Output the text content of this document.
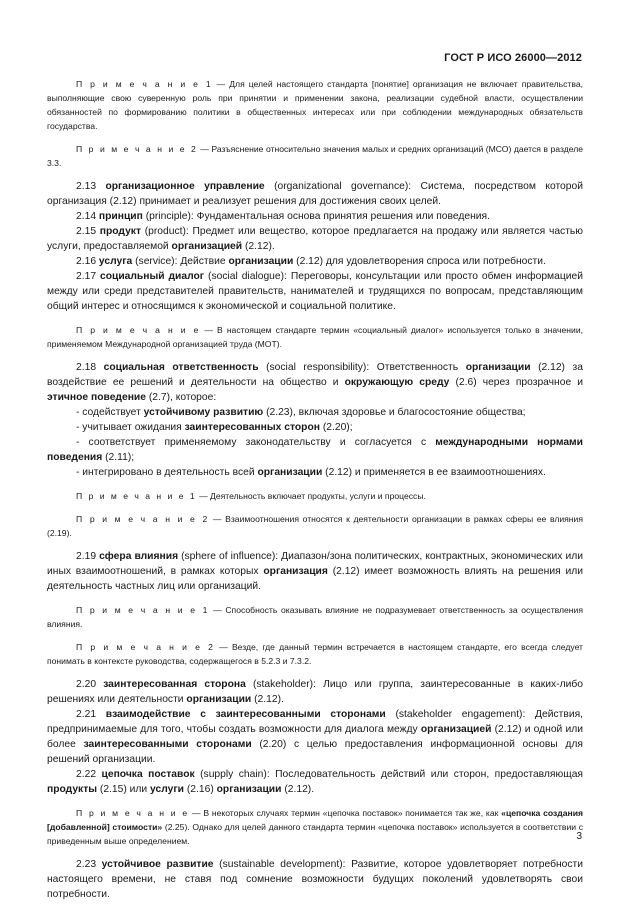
ГОСТ Р ИСО 26000—2012

П р и м е ч а н и е 1 — Для целей настоящего стандарта [понятие] организация не включает правительства, выполняющие свою суверенную роль при принятии и применении закона, реализации судебной власти, осуществлении обязанностей по формированию политики в общественных интересах или при соблюдении международных обязательств государства.

П р и м е ч а н и е 2 — Разъяснение относительно значения малых и средних организаций (МСО) дается в разделе 3.3.

2.13 организационное управление (organizational governance): Система, посредством которой организация (2.12) принимает и реализует решения для достижения своих целей.

2.14 принцип (principle): Фундаментальная основа принятия решения или поведения.

2.15 продукт (product): Предмет или вещество, которое предлагается на продажу или является частью услуги, предоставляемой организацией (2.12).

2.16 услуга (service): Действие организации (2.12) для удовлетворения спроса или потребности.

2.17 социальный диалог (social dialogue): Переговоры, консультации или просто обмен информацией между или среди представителей правительств, нанимателей и трудящихся по вопросам, представляющим общий интерес и относящимся к экономической и социальной политике.

П р и м е ч а н и е — В настоящем стандарте термин «социальный диалог» используется только в значении, применяемом Международной организацией труда (МОТ).

2.18 социальная ответственность (social responsibility): Ответственность организации (2.12) за воздействие ее решений и деятельности на общество и окружающую среду (2.6) через прозрачное и этичное поведение (2.7), которое:

- содействует устойчивому развитию (2.23), включая здоровье и благосостояние общества;

- учитывает ожидания заинтересованных сторон (2.20);

- соответствует применяемому законодательству и согласуется с международными нормами поведения (2.11);

- интегрировано в деятельность всей организации (2.12) и применяется в ее взаимоотношениях.

П р и м е ч а н и е 1 — Деятельность включает продукты, услуги и процессы.

П р и м е ч а н и е 2 — Взаимоотношения относятся к деятельности организации в рамках сферы ее влияния (2.19).

2.19 сфера влияния (sphere of influence): Диапазон/зона политических, контрактных, экономических или иных взаимоотношений, в рамках которых организация (2.12) имеет возможность влиять на решения или деятельность частных лиц или организаций.

П р и м е ч а н и е 1 — Способность оказывать влияние не подразумевает ответственность за осуществления влияния.

П р и м е ч а н и е 2 — Везде, где данный термин встречается в настоящем стандарте, его всегда следует понимать в контексте руководства, содержащегося в 5.2.3 и 7.3.2.

2.20 заинтересованная сторона (stakeholder): Лицо или группа, заинтересованные в каких-либо решениях или деятельности организации (2.12).

2.21 взаимодействие с заинтересованными сторонами (stakeholder engagement): Действия, предпринимаемые для того, чтобы создать возможности для диалога между организацией (2.12) и одной или более заинтересованными сторонами (2.20) с целью предоставления информационной основы для решений организации.

2.22 цепочка поставок (supply chain): Последовательность действий или сторон, предоставляющая продукты (2.15) или услуги (2.16) организации (2.12).

П р и м е ч а н и е — В некоторых случаях термин «цепочка поставок» понимается так же, как «цепочка создания [добавленной] стоимости» (2.25). Однако для целей данного стандарта термин «цепочка поставок» используется в соответствии с приведенным выше определением.

2.23 устойчивое развитие (sustainable development): Развитие, которое удовлетворяет потребности настоящего времени, не ставя под сомнение возможности будущих поколений удовлетворять свои потребности.

3
